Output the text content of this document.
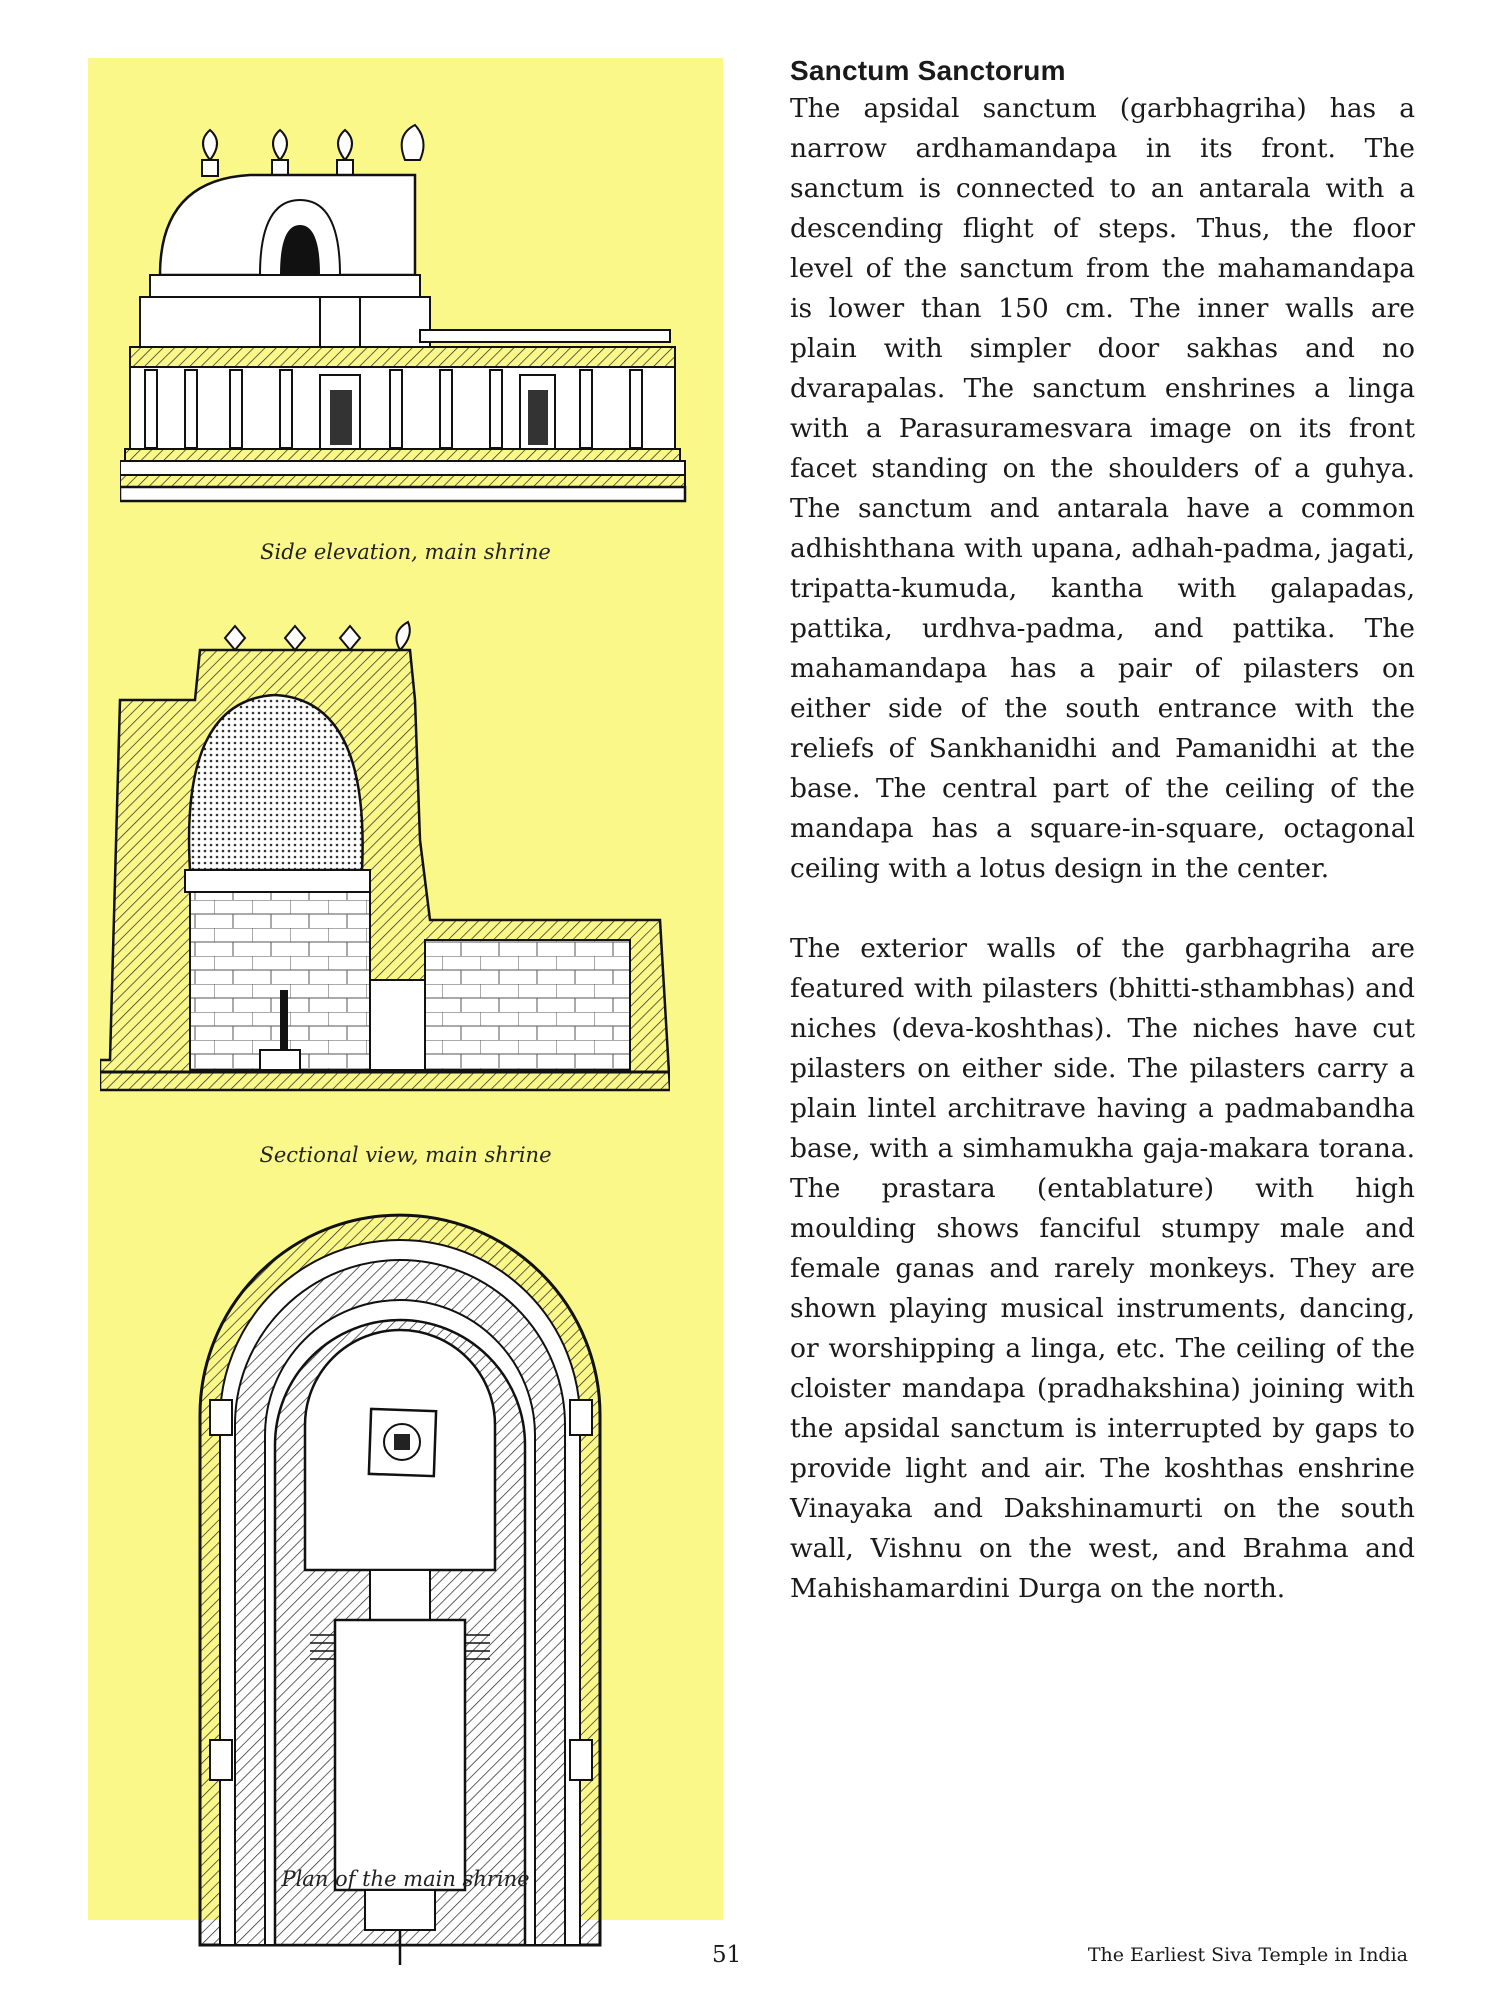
Side elevation, main shrine
Sectional view, main shrine
Plan of the main shrine
Sanctum Sanctorum

The apsidal sanctum (garbhagriha) has a narrow ardhamandapa in its front. The sanctum is connected to an antarala with a descending flight of steps. Thus, the floor level of the sanctum from the mahamandapa is lower than 150 cm. The inner walls are plain with simpler door sakhas and no dvarapalas. The sanctum enshrines a linga with a Parasuramesvara image on its front facet standing on the shoulders of a guhya. The sanctum and antarala have a common adhishthana with upana, adhah-padma, jagati, tripatta-kumuda, kantha with galapadas, pattika, urdhva-padma, and pattika. The mahamandapa has a pair of pilasters on either side of the south entrance with the reliefs of Sankhanidhi and Pamanidhi at the base. The central part of the ceiling of the mandapa has a square-in-square, octagonal ceiling with a lotus design in the center.

The exterior walls of the garbhagriha are featured with pilasters (bhitti-sthambhas) and niches (deva-koshthas). The niches have cut pilasters on either side. The pilasters carry a plain lintel architrave having a padmabandha base, with a simhamukha gaja-makara torana. The prastara (entablature) with high moulding shows fanciful stumpy male and female ganas and rarely monkeys. They are shown playing musical instruments, dancing, or worshipping a linga, etc. The ceiling of the cloister mandapa (pradhakshina) joining with the apsidal sanctum is interrupted by gaps to provide light and air. The koshthas enshrine Vinayaka and Dakshinamurti on the south wall, Vishnu on the west, and Brahma and Mahishamardini Durga on the north.

51	The Earliest Siva Temple in India
